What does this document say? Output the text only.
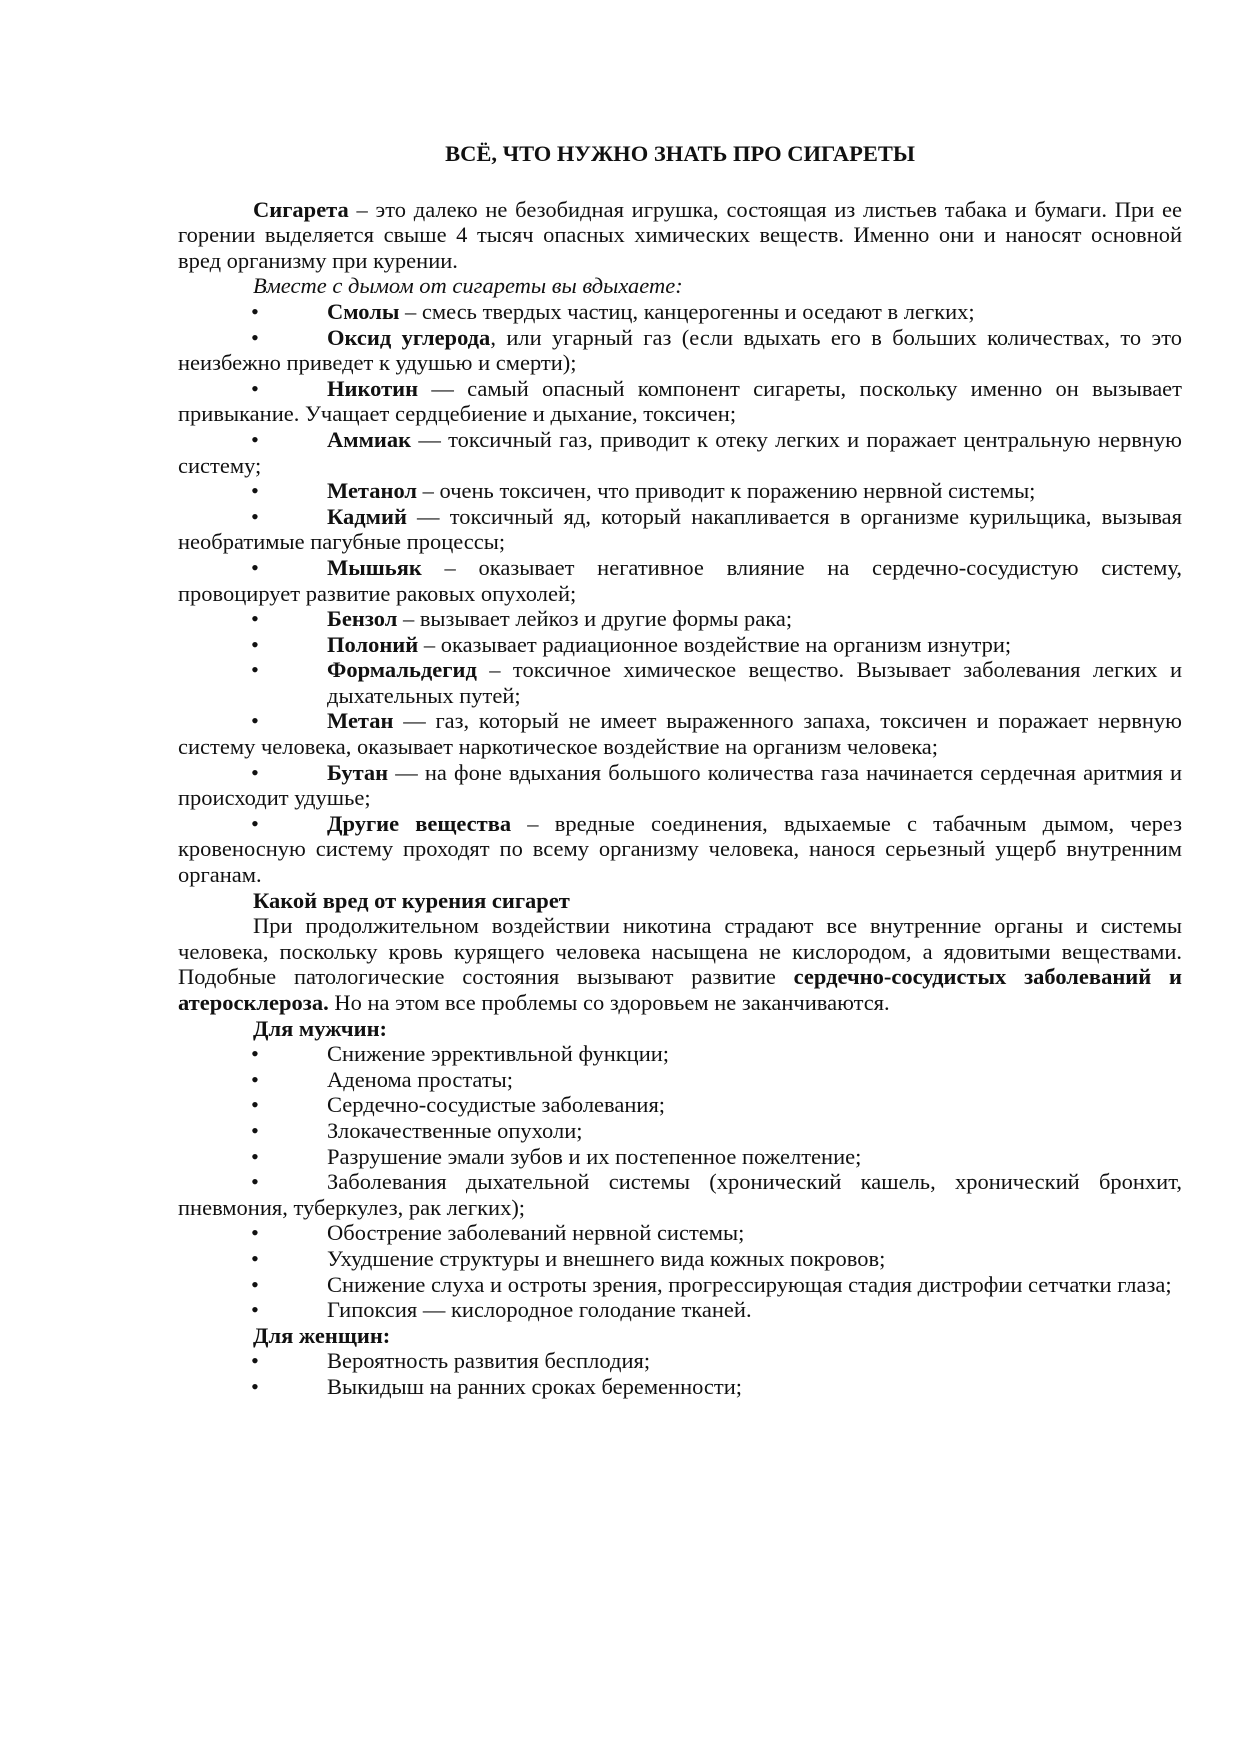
ВСЁ, ЧТО НУЖНО ЗНАТЬ ПРО СИГАРЕТЫ

Сигарета – это далеко не безобидная игрушка, состоящая из листьев табака и бумаги. При ее горении выделяется свыше 4 тысяч опасных химических веществ. Именно они и наносят основной вред организму при курении.

Вместе с дымом от сигареты вы вдыхаете:

•	Смолы – смесь твердых частиц, канцерогенны и оседают в легких;

•	Оксид углерода, или угарный газ (если вдыхать его в больших количествах, то это неизбежно приведет к удушью и смерти);

•	Никотин — самый опасный компонент сигареты, поскольку именно он вызывает привыкание. Учащает сердцебиение и дыхание, токсичен;

•	Аммиак — токсичный газ, приводит к отеку легких и поражает центральную нервную систему;

•	Метанол – очень токсичен, что приводит к поражению нервной системы;

•	Кадмий — токсичный яд, который накапливается в организме курильщика, вызывая необратимые пагубные процессы;

•	Мышьяк – оказывает негативное влияние на сердечно-сосудистую систему, провоцирует развитие раковых опухолей;

•	Бензол – вызывает лейкоз и другие формы рака;

•	Полоний – оказывает радиационное воздействие на организм изнутри;

•	Формальдегид – токсичное химическое вещество. Вызывает заболевания легких и дыхательных путей;

•	Метан — газ, который не имеет выраженного запаха, токсичен и поражает нервную систему человека, оказывает наркотическое воздействие на организм человека;

•	Бутан — на фоне вдыхания большого количества газа начинается сердечная аритмия и происходит удушье;

•	Другие вещества – вредные соединения, вдыхаемые с табачным дымом, через кровеносную систему проходят по всему организму человека, нанося серьезный ущерб внутренним органам.

Какой вред от курения сигарет

При продолжительном воздействии никотина страдают все внутренние органы и системы человека, поскольку кровь курящего человека насыщена не кислородом, а ядовитыми веществами. Подобные патологические состояния вызывают развитие сердечно-сосудистых заболеваний и атеросклероза. Но на этом все проблемы со здоровьем не заканчиваются.

Для мужчин:

•	Снижение эррективльной функции;

•	Аденома простаты;

•	Сердечно-сосудистые заболевания;

•	Злокачественные опухоли;

•	Разрушение эмали зубов и их постепенное пожелтение;

•	Заболевания дыхательной системы (хронический кашель, хронический бронхит, пневмония, туберкулез, рак легких);

•	Обострение заболеваний нервной системы;

•	Ухудшение структуры и внешнего вида кожных покровов;

•	Снижение слуха и остроты зрения, прогрессирующая стадия дистрофии сетчатки глаза;

•	Гипоксия — кислородное голодание тканей.

Для женщин:

•	Вероятность развития бесплодия;

•	Выкидыш на ранних сроках беременности;
